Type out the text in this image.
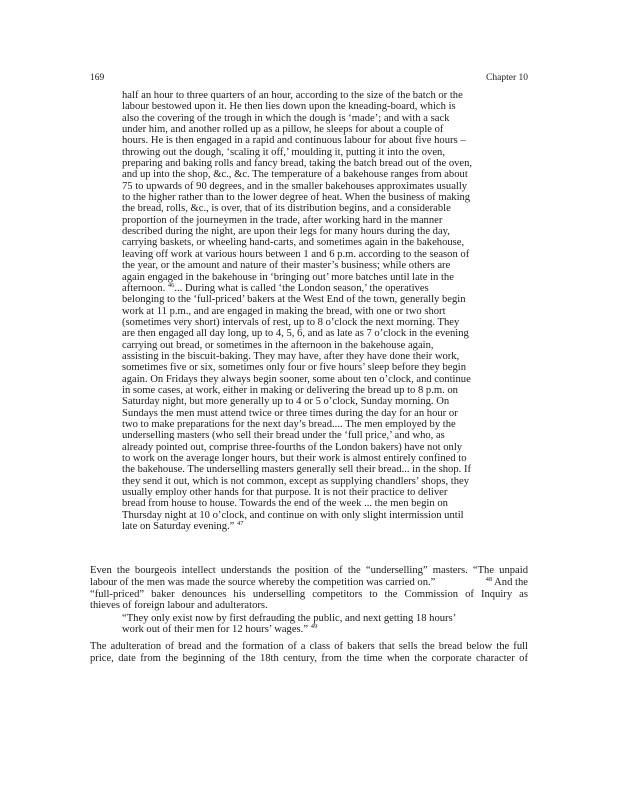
169	Chapter 10
half an hour to three quarters of an hour, according to the size of the batch or the
labour bestowed upon it. He then lies down upon the kneading-board, which is
also the covering of the trough in which the dough is ‘made’; and with a sack
under him, and another rolled up as a pillow, he sleeps for about a couple of
hours. He is then engaged in a rapid and continuous labour for about five hours –
throwing out the dough, ‘scaling it off,’ moulding it, putting it into the oven,
preparing and baking rolls and fancy bread, taking the batch bread out of the oven,
and up into the shop, &c., &c. The temperature of a bakehouse ranges from about
75 to upwards of 90 degrees, and in the smaller bakehouses approximates usually
to the higher rather than to the lower degree of heat. When the business of making
the bread, rolls, &c., is over, that of its distribution begins, and a considerable
proportion of the journeymen in the trade, after working hard in the manner
described during the night, are upon their legs for many hours during the day,
carrying baskets, or wheeling hand-carts, and sometimes again in the bakehouse,
leaving off work at various hours between 1 and 6 p.m. according to the season of
the year, or the amount and nature of their master’s business; while others are
again engaged in the bakehouse in ‘bringing out’ more batches until late in the
afternoon. $^{46}$... During what is called ‘the London season,’ the operatives
belonging to the ‘full-priced’ bakers at the West End of the town, generally begin
work at 11 p.m., and are engaged in making the bread, with one or two short
(sometimes very short) intervals of rest, up to 8 o’clock the next morning. They
are then engaged all day long, up to 4, 5, 6, and as late as 7 o’clock in the evening
carrying out bread, or sometimes in the afternoon in the bakehouse again,
assisting in the biscuit-baking. They may have, after they have done their work,
sometimes five or six, sometimes only four or five hours’ sleep before they begin
again. On Fridays they always begin sooner, some about ten o’clock, and continue
in some cases, at work, either in making or delivering the bread up to 8 p.m. on
Saturday night, but more generally up to 4 or 5 o’clock, Sunday morning. On
Sundays the men must attend twice or three times during the day for an hour or
two to make preparations for the next day’s bread.... The men employed by the
underselling masters (who sell their bread under the ‘full price,’ and who, as
already pointed out, comprise three-fourths of the London bakers) have not only
to work on the average longer hours, but their work is almost entirely confined to
the bakehouse. The underselling masters generally sell their bread... in the shop. If
they send it out, which is not common, except as supplying chandlers’ shops, they
usually employ other hands for that purpose. It is not their practice to deliver
bread from house to house. Towards the end of the week ... the men begin on
Thursday night at 10 o’clock, and continue on with only slight intermission until
late on Saturday evening.” $^{47}$
Even the bourgeois intellect understands the position of the “underselling” masters. “The unpaid
labour of the men was made the source whereby the competition was carried on.”	$^{48}$ And the
“full-priced” baker denounces his underselling competitors to the Commission of Inquiry as
thieves of foreign labour and adulterators.
“They only exist now by first defrauding the public, and next getting 18 hours’
work out of their men for 12 hours’ wages.” $^{49}$
The adulteration of bread and the formation of a class of bakers that sells the bread below the full
price, date from the beginning of the 18th century, from the time when the corporate character of
